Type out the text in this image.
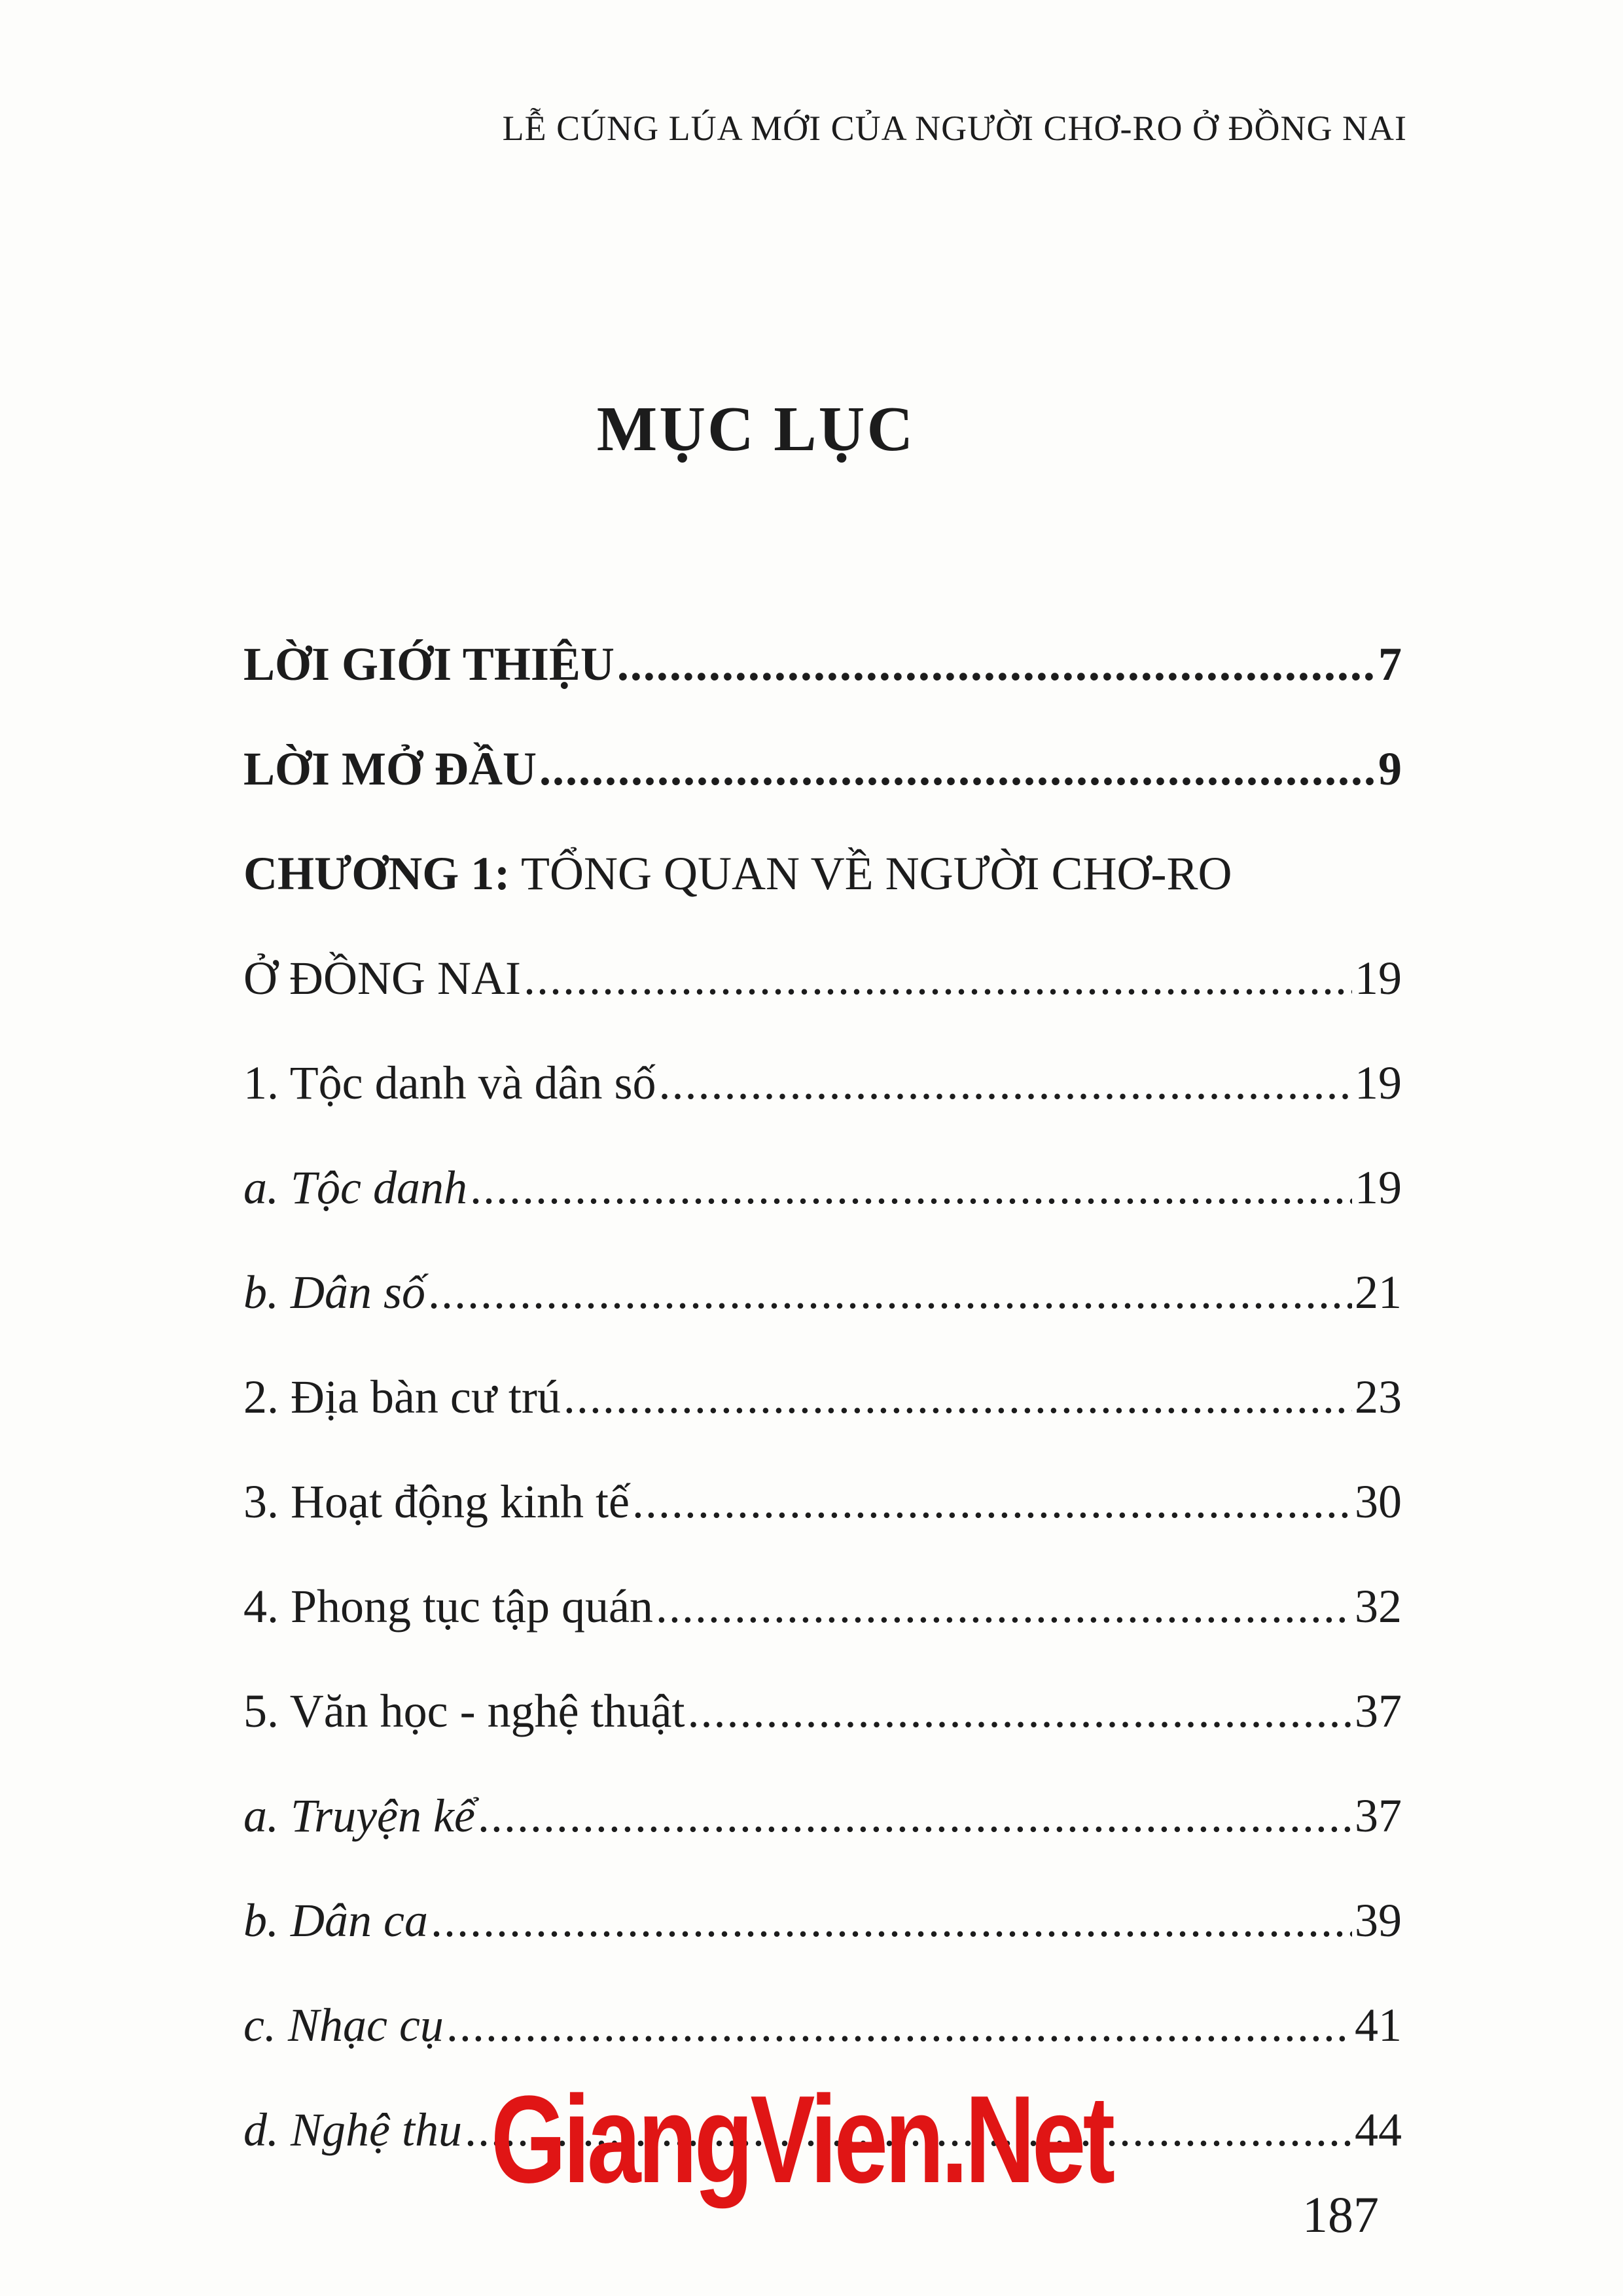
LỄ CÚNG LÚA MỚI CỦA NGƯỜI CHƠ-RO Ở ĐỒNG NAI
MỤC LỤC
LỜI GIỚI THIỆU .....	7
LỜI MỞ ĐẦU .....	9
CHƯƠNG 1: TỔNG QUAN VỀ NGƯỜI CHƠ-RO
Ở ĐỒNG NAI .....	19
1. Tộc danh và dân số .....	19
a. Tộc danh .....	19
b. Dân số .....	21
2. Địa bàn cư trú .....	23
3. Hoạt động kinh tế .....	30
4. Phong tục tập quán .....	32
5. Văn học - nghệ thuật .....	37
a. Truyện kể .....	37
b. Dân ca .....	39
c. Nhạc cụ .....	41
d. Nghệ thu .....	44
GiangVien.Net
187
